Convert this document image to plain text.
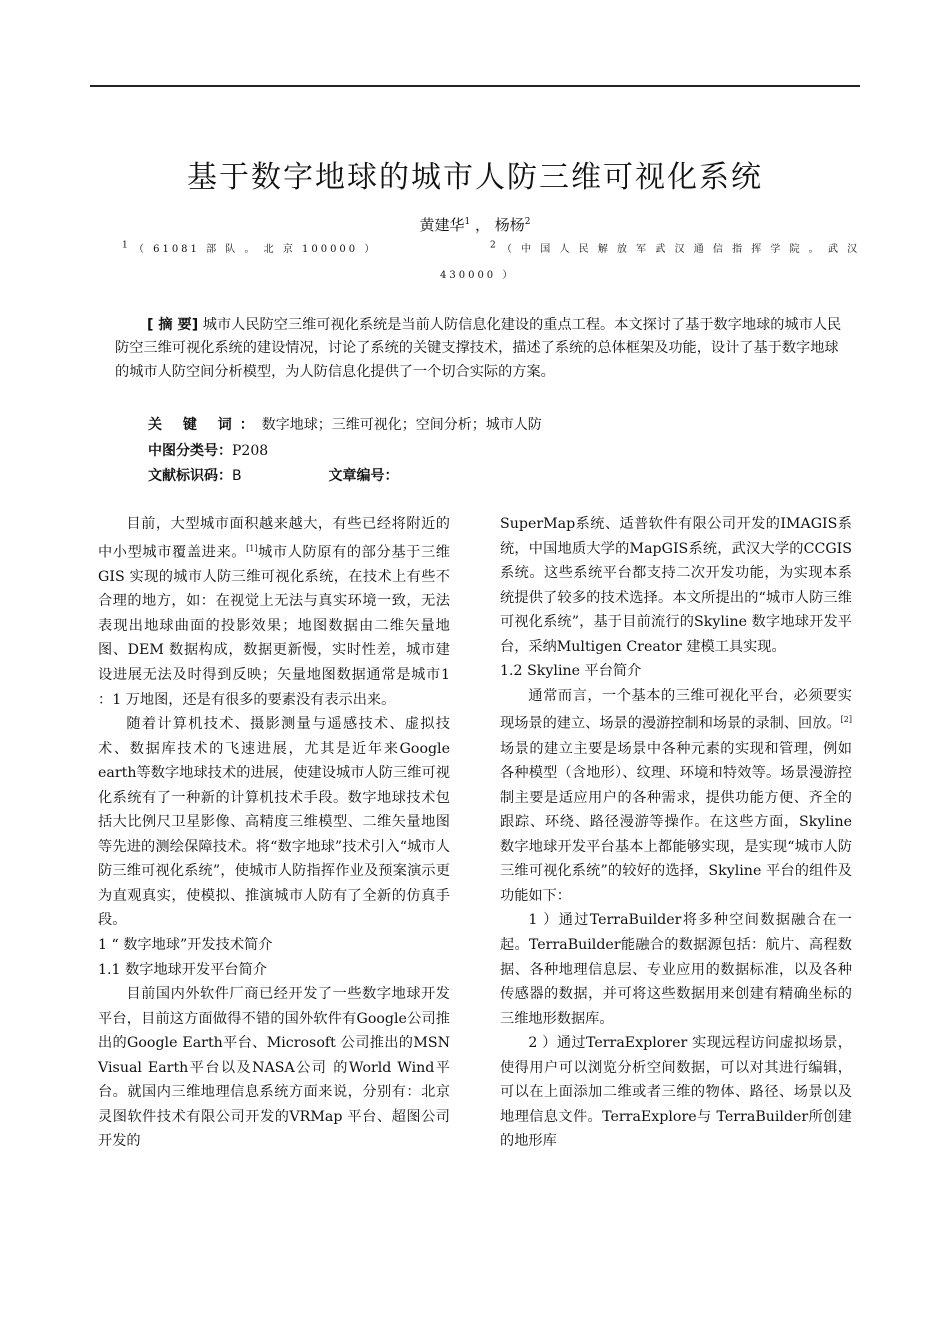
基于数字地球的城市人防三维可视化系统
黄建华$^1$ ， 杨杨$^2$
$^1$ （ 61081 部 队 。 北 京 100000 ）	$^2$ （ 中 国 人 民 解 放 军 武 汉 通 信 指 挥 学 院 。 武 汉
430000 ）
[ 摘 要] 城市人民防空三维可视化系统是当前人防信息化建设的重点工程。本文探讨了基于数字地球的城市人民防空三维可视化系统的建设情况，讨论了系统的关键支撑技术，描述了系统的总体框架及功能，设计了基于数字地球的城市人防空间分析模型，为人防信息化提供了一个切合实际的方案。
关 键 词：数字地球；三维可视化；空间分析；城市人防
中图分类号：P208
文献标识码：B	文章编号：

目前，大型城市面积越来越大，有些已经将附近的中小型城市覆盖进来。[1]城市人防原有的部分基于三维GIS 实现的城市人防三维可视化系统，在技术上有些不合理的地方，如：在视觉上无法与真实环境一致，无法表现出地球曲面的投影效果；地图数据由二维矢量地图、DEM 数据构成，数据更新慢，实时性差，城市建设进展无法及时得到反映；矢量地图数据通常是城市1 ：1 万地图，还是有很多的要素没有表示出来。

随着计算机技术、摄影测量与遥感技术、虚拟技术、数据库技术的飞速进展，尤其是近年来Google earth等数字地球技术的进展，使建设城市人防三维可视化系统有了一种新的计算机技术手段。数字地球技术包括大比例尺卫星影像、高精度三维模型、二维矢量地图等先进的测绘保障技术。将“数字地球”技术引入“城市人防三维可视化系统”，使城市人防指挥作业及预案演示更为直观真实，使模拟、推演城市人防有了全新的仿真手段。

1 “ 数字地球”开发技术简介

1.1 数字地球开发平台简介

目前国内外软件厂商已经开发了一些数字地球开发平台，目前这方面做得不错的国外软件有Google公司推出的Google Earth平台、Microsoft 公司推出的MSN Visual Earth平台以及NASA公司 的World Wind平台。就国内三维地理信息系统方面来说，分别有：北京灵图软件技术有限公司开发的VRMap 平台、超图公司开发的

SuperMap系统、适普软件有限公司开发的IMAGIS系统，中国地质大学的MapGIS系统，武汉大学的CCGIS 系统。这些系统平台都支持二次开发功能，为实现本系统提供了较多的技术选择。本文所提出的“城市人防三维可视化系统”，基于目前流行的Skyline 数字地球开发平台，采纳Multigen Creator 建模工具实现。

1.2 Skyline 平台简介

通常而言，一个基本的三维可视化平台，必须要实现场景的建立、场景的漫游控制和场景的录制、回放。[2] 场景的建立主要是场景中各种元素的实现和管理，例如各种模型（含地形）、纹理、环境和特效等。场景漫游控制主要是适应用户的各种需求，提供功能方便、齐全的跟踪、环绕、路径漫游等操作。在这些方面，Skyline 数字地球开发平台基本上都能够实现，是实现“城市人防三维可视化系统”的较好的选择，Skyline 平台的组件及功能如下：

1 ）通过TerraBuilder将多种空间数据融合在一起。TerraBuilder能融合的数据源包括：航片、高程数据、各种地理信息层、专业应用的数据标准，以及各种传感器的数据，并可将这些数据用来创建有精确坐标的三维地形数据库。

2 ）通过TerraExplorer 实现远程访问虚拟场景，使得用户可以浏览分析空间数据，可以对其进行编辑，可以在上面添加二维或者三维的物体、路径、场景以及地理信息文件。TerraExplore与 TerraBuilder所创建的地形库
